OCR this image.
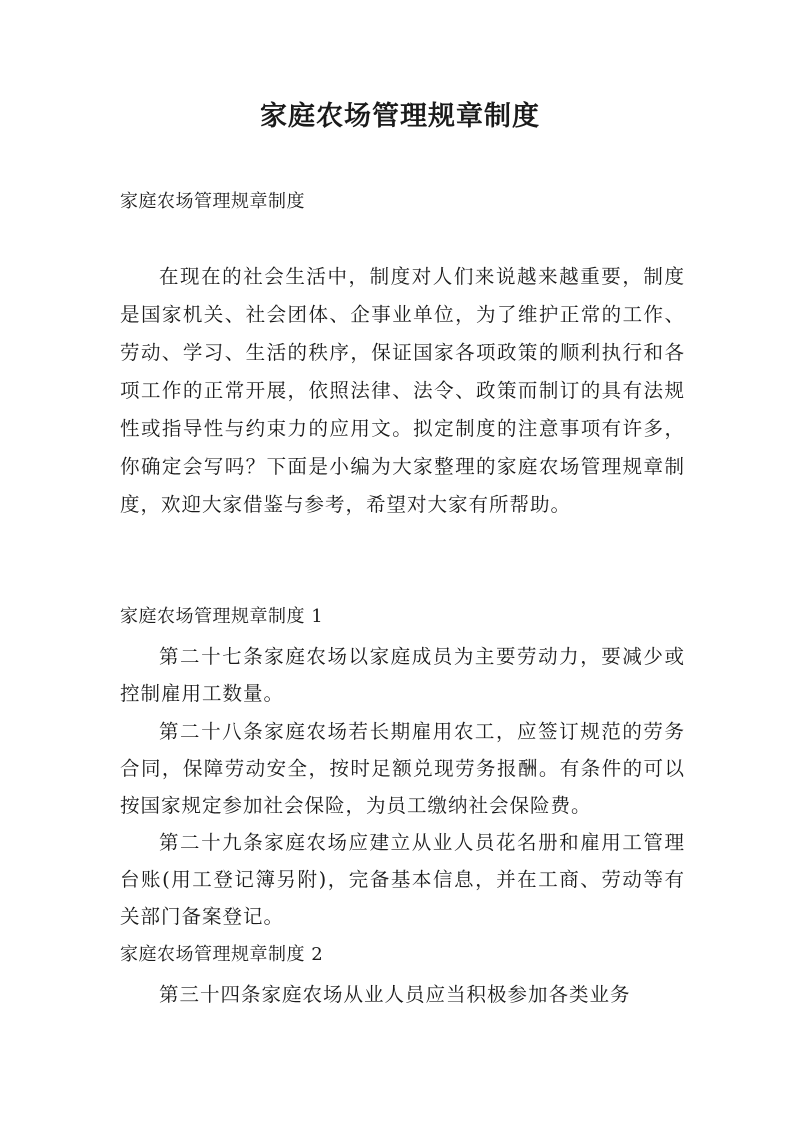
家庭农场管理规章制度

家庭农场管理规章制度

在现在的社会生活中，制度对人们来说越来越重要，制度是国家机关、社会团体、企事业单位，为了维护正常的工作、劳动、学习、生活的秩序，保证国家各项政策的顺利执行和各项工作的正常开展，依照法律、法令、政策而制订的具有法规性或指导性与约束力的应用文。拟定制度的注意事项有许多，你确定会写吗？下面是小编为大家整理的家庭农场管理规章制度，欢迎大家借鉴与参考，希望对大家有所帮助。

家庭农场管理规章制度 1

第二十七条家庭农场以家庭成员为主要劳动力，要减少或控制雇用工数量。

第二十八条家庭农场若长期雇用农工，应签订规范的劳务合同，保障劳动安全，按时足额兑现劳务报酬。有条件的可以按国家规定参加社会保险，为员工缴纳社会保险费。

第二十九条家庭农场应建立从业人员花名册和雇用工管理台账(用工登记簿另附)，完备基本信息，并在工商、劳动等有关部门备案登记。

家庭农场管理规章制度 2

第三十四条家庭农场从业人员应当积极参加各类业务
